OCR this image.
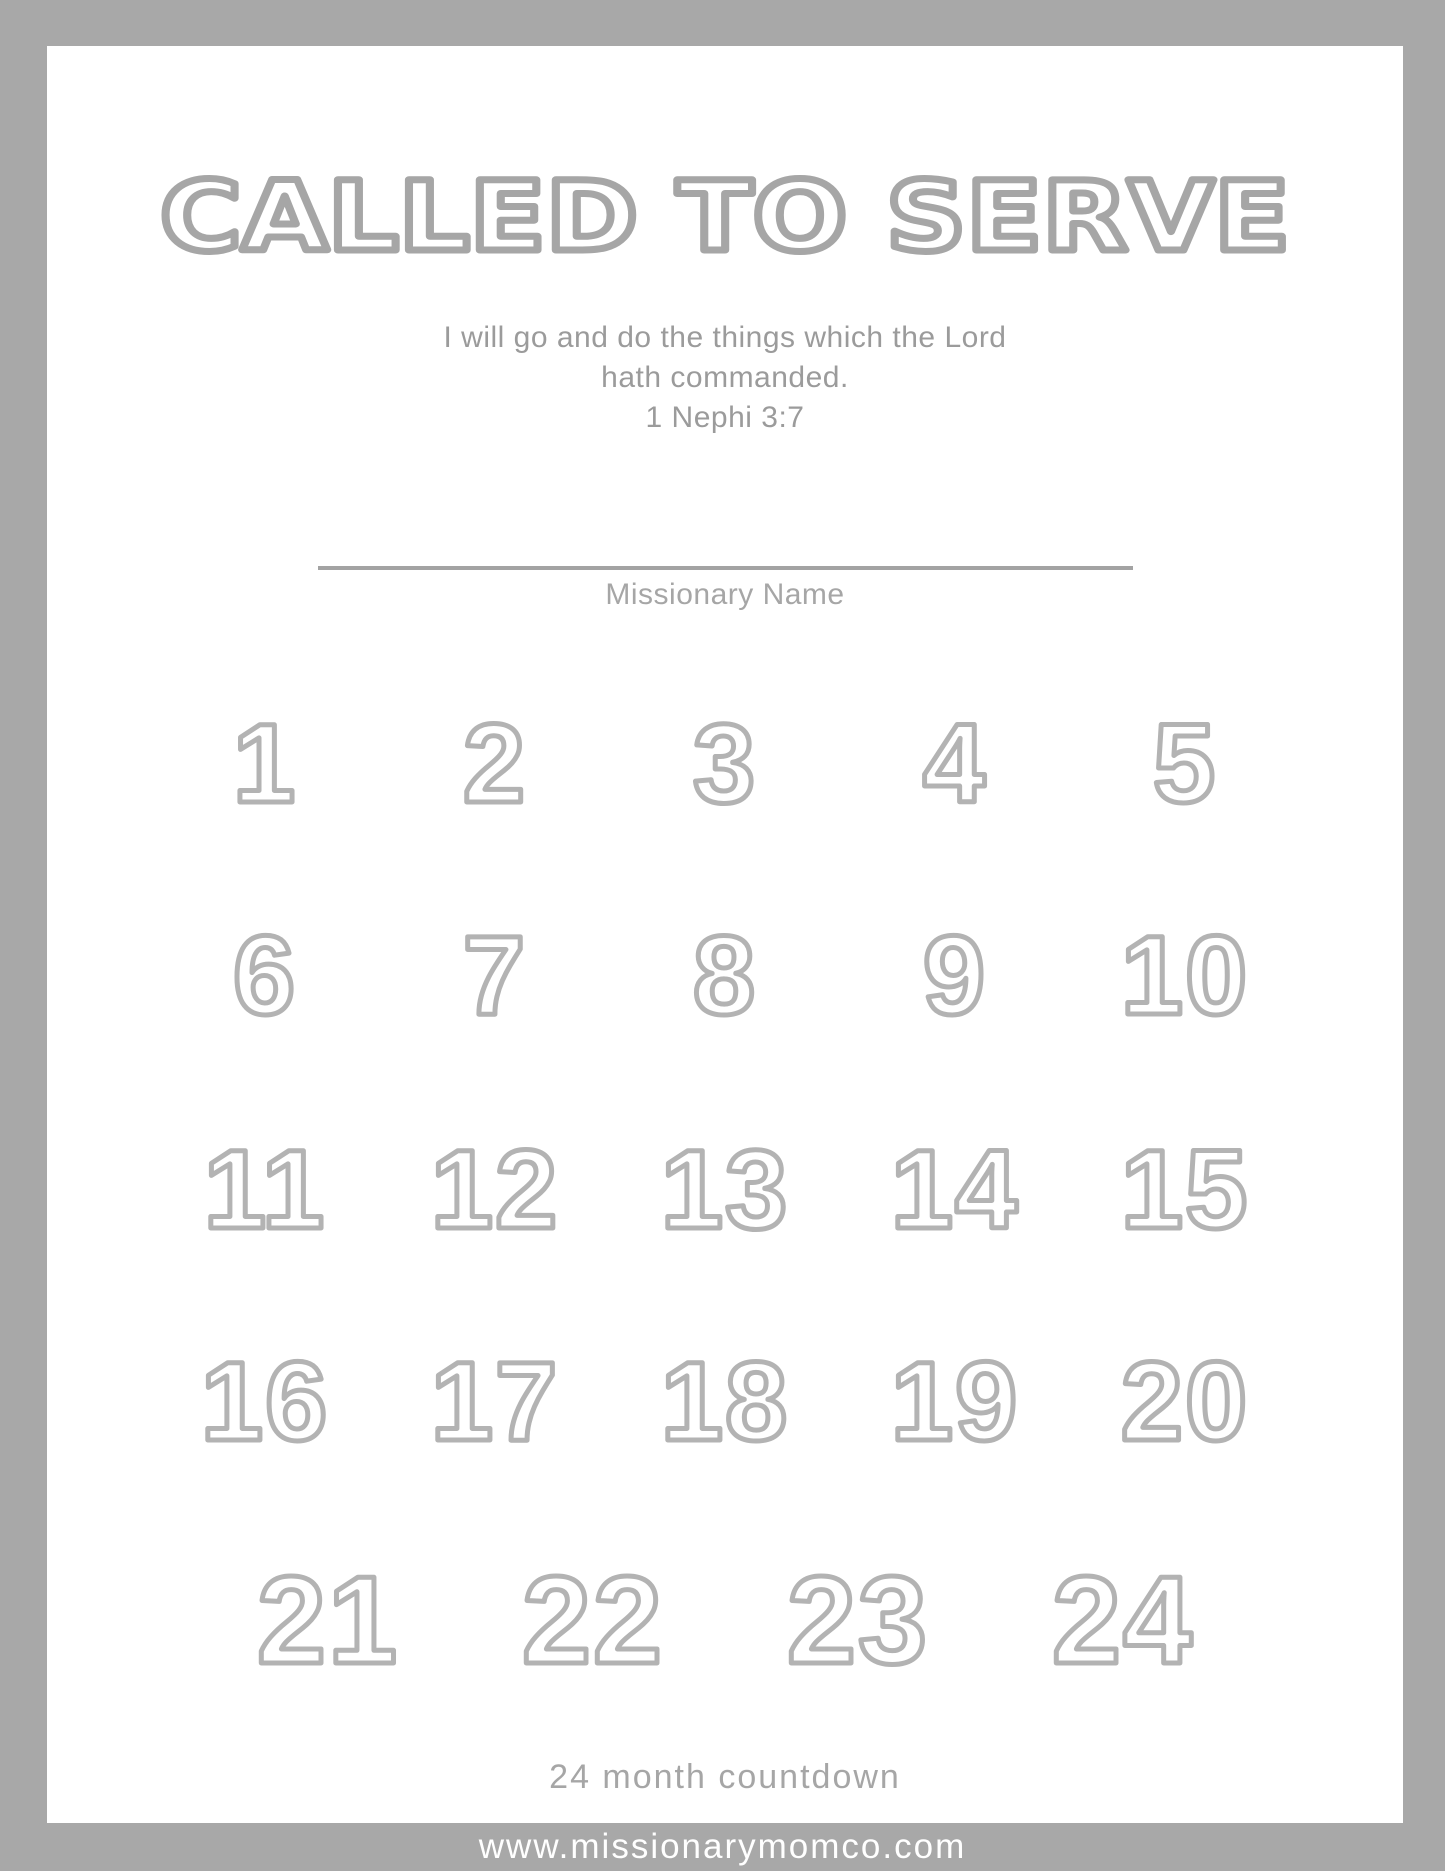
CALLED TO SERVE
I will go and do the things which the Lord
hath commanded.
1 Nephi 3:7
Missionary Name
1 2 3 4 5
6 7 8 9 10
11 12 13 14 15
16 17 18 19 20
21 22 23 24
24 month countdown
www.missionarymomco.com
